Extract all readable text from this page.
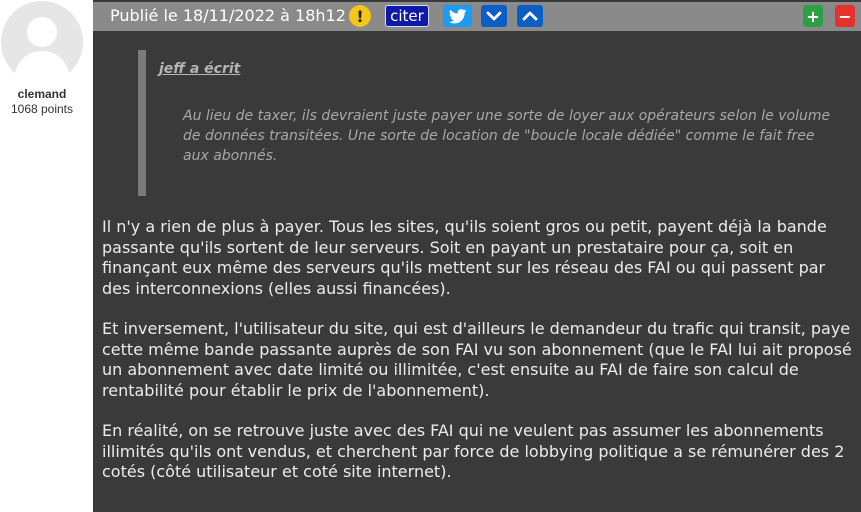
clemand
1068 points
Publié le 18/11/2022 à 18h12 !	citer	+ −
jeff a écrit
Au lieu de taxer, ils devraient juste payer une sorte de loyer aux opérateurs selon le volume de données transitées. Une sorte de location de "boucle locale dédiée" comme le fait free aux abonnés.

Il n'y a rien de plus à payer. Tous les sites, qu'ils soient gros ou petit, payent déjà la bande passante qu'ils sortent de leur serveurs. Soit en payant un prestataire pour ça, soit en finançant eux même des serveurs qu'ils mettent sur les réseau des FAI ou qui passent par des interconnexions (elles aussi financées).

Et inversement, l'utilisateur du site, qui est d'ailleurs le demandeur du trafic qui transit, paye cette même bande passante auprès de son FAI vu son abonnement (que le FAI lui ait proposé un abonnement avec date limité ou illimitée, c'est ensuite au FAI de faire son calcul de rentabilité pour établir le prix de l'abonnement).

En réalité, on se retrouve juste avec des FAI qui ne veulent pas assumer les abonnements illimités qu'ils ont vendus, et cherchent par force de lobbying politique a se rémunérer des 2 cotés (côté utilisateur et coté site internet).
